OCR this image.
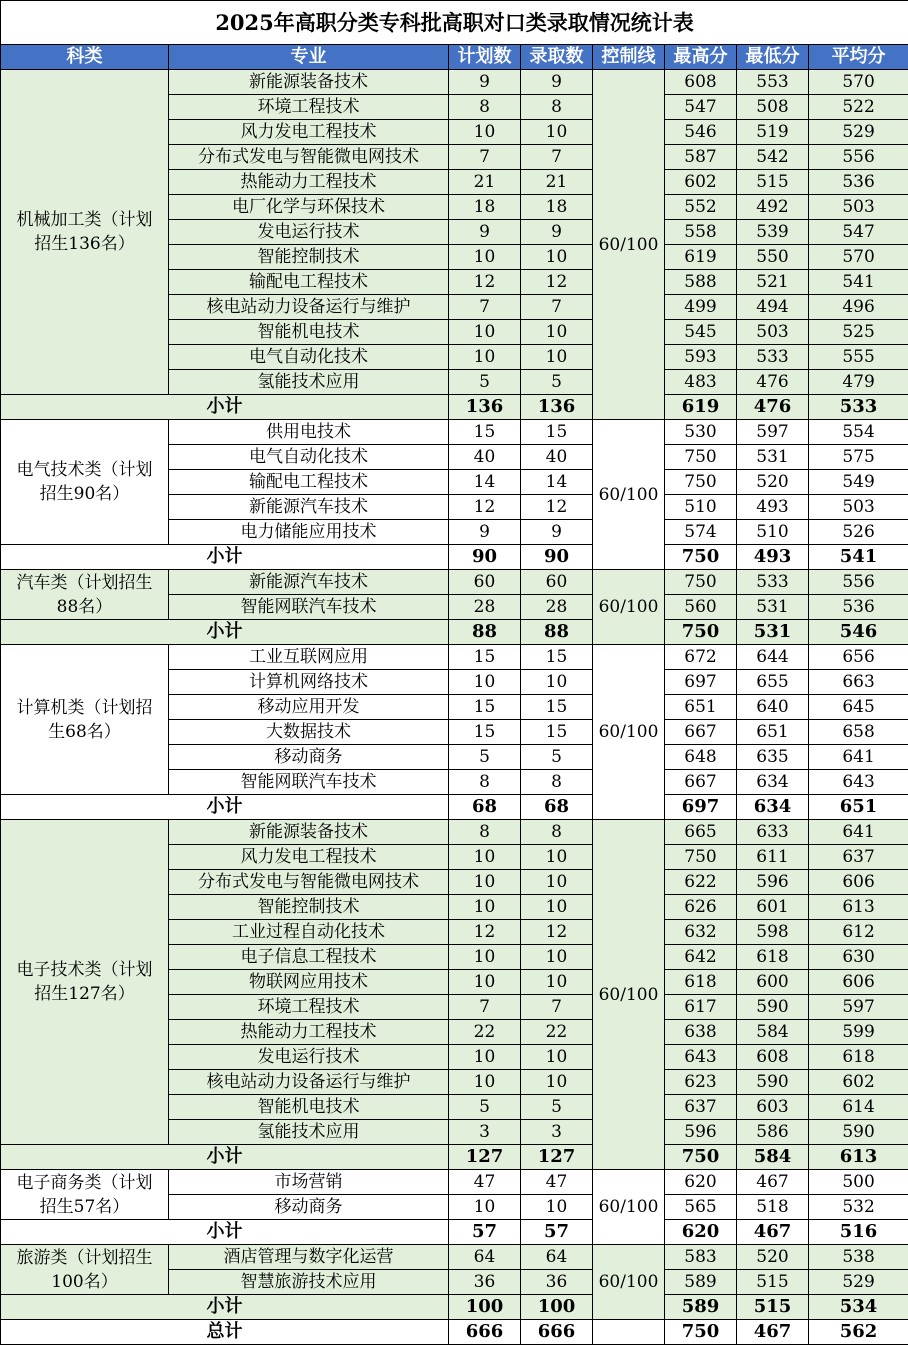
2025年高职分类专科批高职对口类录取情况统计表							
科类	专业	计划数	录取数	控制线	最高分	最低分	平均分
机械加工类（计划招生136名）	新能源装备技术	9	9	60/100	608	553	570
	环境工程技术	8	8		547	508	522
	风力发电工程技术	10	10		546	519	529
	分布式发电与智能微电网技术	7	7		587	542	556
	热能动力工程技术	21	21		602	515	536
	电厂化学与环保技术	18	18		552	492	503
	发电运行技术	9	9		558	539	547
	智能控制技术	10	10		619	550	570
	输配电工程技术	12	12		588	521	541
	核电站动力设备运行与维护	7	7		499	494	496
	智能机电技术	10	10		545	503	525
	电气自动化技术	10	10		593	533	555
	氢能技术应用	5	5		483	476	479
小计		136	136		619	476	533
电气技术类（计划招生90名）	供用电技术	15	15	60/100	530	597	554
	电气自动化技术	40	40		750	531	575
	输配电工程技术	14	14		750	520	549
	新能源汽车技术	12	12		510	493	503
	电力储能应用技术	9	9		574	510	526
小计		90	90		750	493	541
汽车类（计划招生88名）	新能源汽车技术	60	60	60/100	750	533	556
	智能网联汽车技术	28	28		560	531	536
小计		88	88		750	531	546
计算机类（计划招生68名）	工业互联网应用	15	15	60/100	672	644	656
	计算机网络技术	10	10		697	655	663
	移动应用开发	15	15		651	640	645
	大数据技术	15	15		667	651	658
	移动商务	5	5		648	635	641
	智能网联汽车技术	8	8		667	634	643
小计		68	68		697	634	651
电子技术类（计划招生127名）	新能源装备技术	8	8	60/100	665	633	641
	风力发电工程技术	10	10		750	611	637
	分布式发电与智能微电网技术	10	10		622	596	606
	智能控制技术	10	10		626	601	613
	工业过程自动化技术	12	12		632	598	612
	电子信息工程技术	10	10		642	618	630
	物联网应用技术	10	10		618	600	606
	环境工程技术	7	7		617	590	597
	热能动力工程技术	22	22		638	584	599
	发电运行技术	10	10		643	608	618
	核电站动力设备运行与维护	10	10		623	590	602
	智能机电技术	5	5		637	603	614
	氢能技术应用	3	3		596	586	590
小计		127	127		750	584	613
电子商务类（计划招生57名）	市场营销	47	47	60/100	620	467	500
	移动商务	10	10		565	518	532
小计		57	57		620	467	516
旅游类（计划招生100名）	酒店管理与数字化运营	64	64	60/100	583	520	538
	智慧旅游技术应用	36	36		589	515	529
小计		100	100		589	515	534
总计		666	666		750	467	562
